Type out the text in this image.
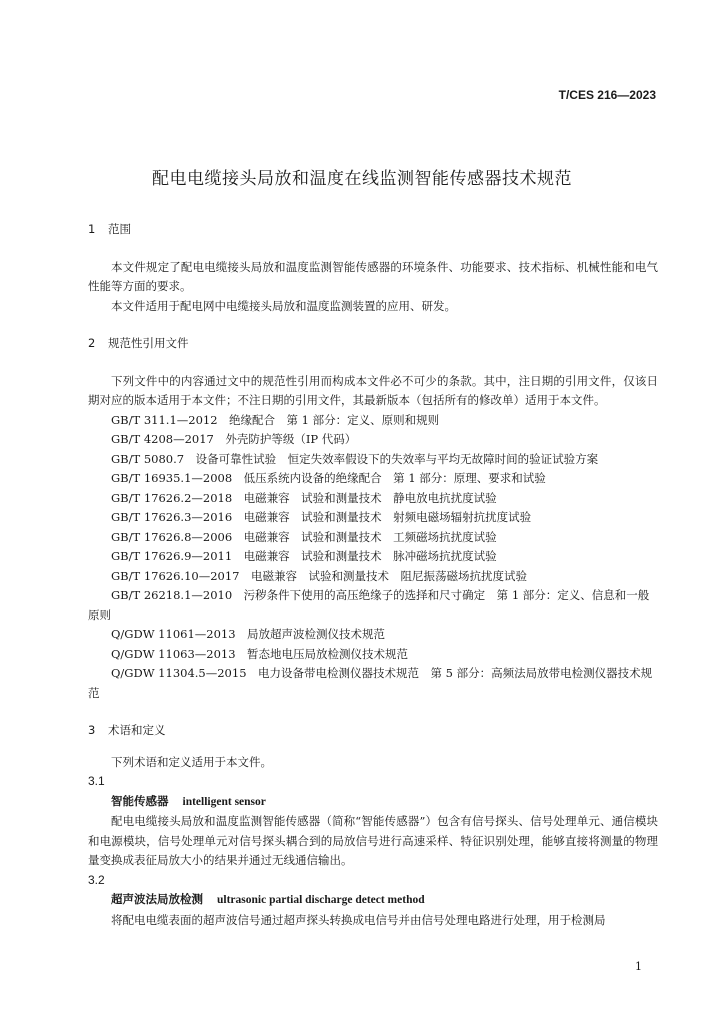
T/CES 216—2023
配电电缆接头局放和温度在线监测智能传感器技术规范
1 范围

本文件规定了配电电缆接头局放和温度监测智能传感器的环境条件、功能要求、技术指标、机械性能和电气性能等方面的要求。

本文件适用于配电网中电缆接头局放和温度监测装置的应用、研发。

2 规范性引用文件

下列文件中的内容通过文中的规范性引用而构成本文件必不可少的条款。其中，注日期的引用文件，仅该日期对应的版本适用于本文件；不注日期的引用文件，其最新版本（包括所有的修改单）适用于本文件。

GB/T 311.1—2012　绝缘配合　第 1 部分：定义、原则和规则

GB/T 4208—2017　外壳防护等级（IP 代码）

GB/T 5080.7　设备可靠性试验　恒定失效率假设下的失效率与平均无故障时间的验证试验方案

GB/T 16935.1—2008　低压系统内设备的绝缘配合　第 1 部分：原理、要求和试验

GB/T 17626.2—2018　电磁兼容　试验和测量技术　静电放电抗扰度试验

GB/T 17626.3—2016　电磁兼容　试验和测量技术　射频电磁场辐射抗扰度试验

GB/T 17626.8—2006　电磁兼容　试验和测量技术　工频磁场抗扰度试验

GB/T 17626.9—2011　电磁兼容　试验和测量技术　脉冲磁场抗扰度试验

GB/T 17626.10—2017　电磁兼容　试验和测量技术　阻尼振荡磁场抗扰度试验

GB/T 26218.1—2010　污秽条件下使用的高压绝缘子的选择和尺寸确定　第 1 部分：定义、信息和一般原则

Q/GDW 11061—2013　局放超声波检测仪技术规范

Q/GDW 11063—2013　暂态地电压局放检测仪技术规范

Q/GDW 11304.5—2015　电力设备带电检测仪器技术规范　第 5 部分：高频法局放带电检测仪器技术规范

3 术语和定义

下列术语和定义适用于本文件。

3.1

智能传感器 intelligent sensor

配电电缆接头局放和温度监测智能传感器（简称“智能传感器”）包含有信号探头、信号处理单元、通信模块和电源模块，信号处理单元对信号探头耦合到的局放信号进行高速采样、特征识别处理，能够直接将测量的物理量变换成表征局放大小的结果并通过无线通信输出。

3.2

超声波法局放检测 ultrasonic partial discharge detect method

将配电电缆表面的超声波信号通过超声探头转换成电信号并由信号处理电路进行处理，用于检测局

1
